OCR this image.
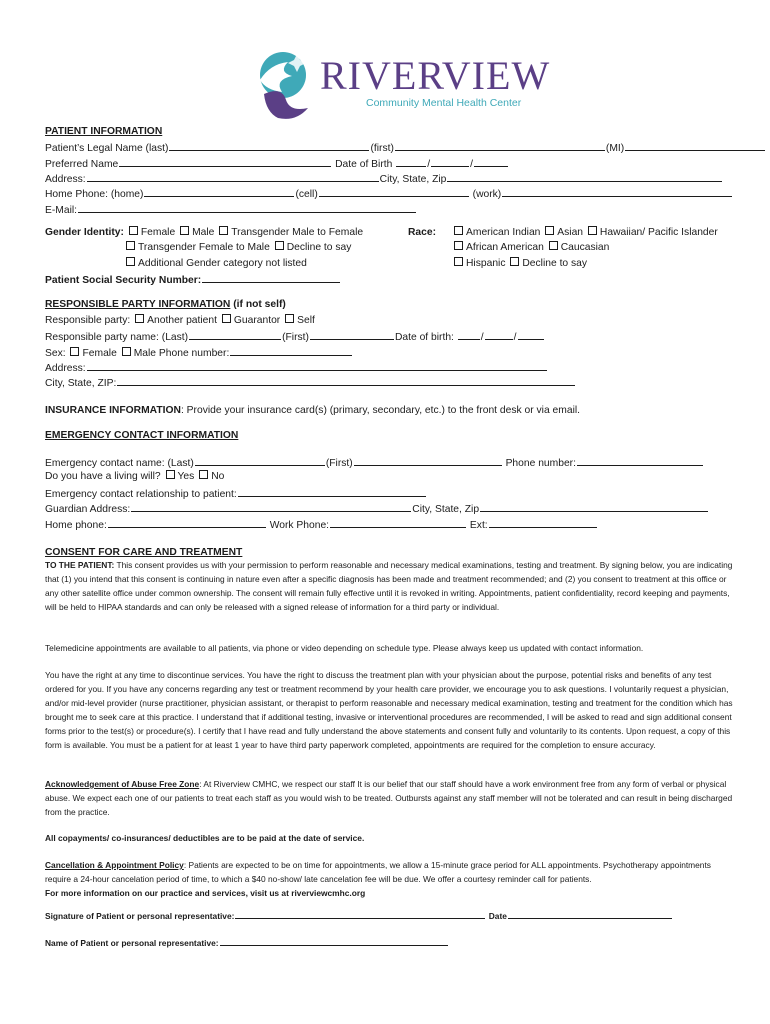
RIVERVIEW
Community Mental Health Center
PATIENT INFORMATION
Patient’s Legal Name (last)	(first)	(MI)
Preferred Name	Date of Birth	/	/
Address:	City, State, Zip
Home Phone: (home)	(cell)	(work)
E-Mail:
Gender Identity: Female Male Transgender Male to Female
Transgender Female to Male Decline to say
Additional Gender category not listed
Race:	American Indian Asian Hawaiian/ Pacific Islander
African American Caucasian
Hispanic Decline to say
Patient Social Security Number:
RESPONSIBLE PARTY INFORMATION (if not self)
Responsible party: Another patient Guarantor Self
Responsible party name: (Last)	(First)	Date of birth:	/	/
Sex: Female Male Phone number:
Address:
City, State, ZIP:
INSURANCE INFORMATION: Provide your insurance card(s) (primary, secondary, etc.) to the front desk or via email.
EMERGENCY CONTACT INFORMATION
Emergency contact name: (Last)	(First)	Phone number:
Do you have a living will? Yes No
Emergency contact relationship to patient:
Guardian Address:	City, State, Zip
Home phone:	Work Phone:	Ext:
CONSENT FOR CARE AND TREATMENT

TO THE PATIENT: This consent provides us with your permission to perform reasonable and necessary medical examinations, testing and treatment. By signing below, you are indicating that (1) you intend that this consent is continuing in nature even after a specific diagnosis has been made and treatment recommended; and (2) you consent to treatment at this office or any other satellite office under common ownership. The consent will remain fully effective until it is revoked in writing. Appointments, patient confidentiality, record keeping and payments, will be held to HIPAA standards and can only be released with a signed release of information for a third party or individual.

Telemedicine appointments are available to all patients, via phone or video depending on schedule type. Please always keep us updated with contact information.

You have the right at any time to discontinue services. You have the right to discuss the treatment plan with your physician about the purpose, potential risks and benefits of any test ordered for you. If you have any concerns regarding any test or treatment recommend by your health care provider, we encourage you to ask questions. I voluntarily request a physician, and/or mid-level provider (nurse practitioner, physician assistant, or therapist to perform reasonable and necessary medical examination, testing and treatment for the condition which has brought me to seek care at this practice. I understand that if additional testing, invasive or interventional procedures are recommended, I will be asked to read and sign additional consent forms prior to the test(s) or procedure(s). I certify that I have read and fully understand the above statements and consent fully and voluntarily to its contents. Upon request, a copy of this form is available. You must be a patient for at least 1 year to have third party paperwork completed, appointments are required for the completion to ensure accuracy.

Acknowledgement of Abuse Free Zone: At Riverview CMHC, we respect our staff It is our belief that our staff should have a work environment free from any form of verbal or physical abuse. We expect each one of our patients to treat each staff as you would wish to be treated. Outbursts against any staff member will not be tolerated and can result in being discharged from the practice.

All copayments/ co-insurances/ deductibles are to be paid at the date of service.

Cancellation & Appointment Policy: Patients are expected to be on time for appointments, we allow a 15-minute grace period for ALL appointments. Psychotherapy appointments require a 24-hour cancelation period of time, to which a $40 no-show/ late cancelation fee will be due. We offer a courtesy reminder call for patients.
For more information on our practice and services, visit us at riverviewcmhc.org

Signature of Patient or personal representative:	Date
Name of Patient or personal representative:
